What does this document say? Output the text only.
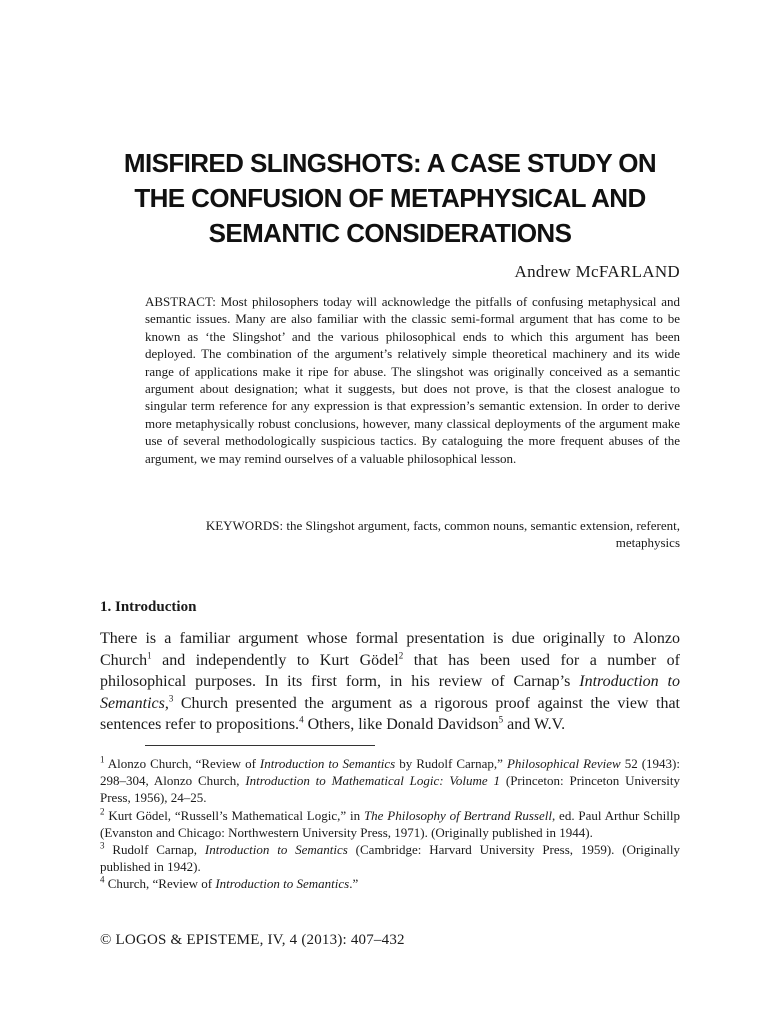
MISFIRED SLINGSHOTS: A CASE STUDY ON
THE CONFUSION OF METAPHYSICAL AND
SEMANTIC CONSIDERATIONS
Andrew McFARLAND
ABSTRACT: Most philosophers today will acknowledge the pitfalls of confusing metaphysical and semantic issues. Many are also familiar with the classic semi-formal argument that has come to be known as ‘the Slingshot’ and the various philosophical ends to which this argument has been deployed. The combination of the argument’s relatively simple theoretical machinery and its wide range of applications make it ripe for abuse. The slingshot was originally conceived as a semantic argument about designation; what it suggests, but does not prove, is that the closest analogue to singular term reference for any expression is that expression’s semantic extension. In order to derive more metaphysically robust conclusions, however, many classical deployments of the argument make use of several methodologically suspicious tactics. By cataloguing the more frequent abuses of the argument, we may remind ourselves of a valuable philosophical lesson.
KEYWORDS: the Slingshot argument, facts, common nouns, semantic extension, referent, metaphysics
1. Introduction
There is a familiar argument whose formal presentation is due originally to Alonzo Church$^1$ and independently to Kurt Gödel$^2$ that has been used for a number of philosophical purposes. In its first form, in his review of Carnap’s Introduction to Semantics,$^3$ Church presented the argument as a rigorous proof against the view that sentences refer to propositions.$^4$ Others, like Donald Davidson$^5$ and W.V.

$^1$ Alonzo Church, “Review of Introduction to Semantics by Rudolf Carnap,” Philosophical Review 52 (1943): 298–304, Alonzo Church, Introduction to Mathematical Logic: Volume 1 (Princeton: Princeton University Press, 1956), 24–25.

$^2$ Kurt Gödel, “Russell’s Mathematical Logic,” in The Philosophy of Bertrand Russell, ed. Paul Arthur Schillp (Evanston and Chicago: Northwestern University Press, 1971). (Originally published in 1944).

$^3$ Rudolf Carnap, Introduction to Semantics (Cambridge: Harvard University Press, 1959). (Originally published in 1942).

$^4$ Church, “Review of Introduction to Semantics.”

© LOGOS & EPISTEME, IV, 4 (2013): 407–432
